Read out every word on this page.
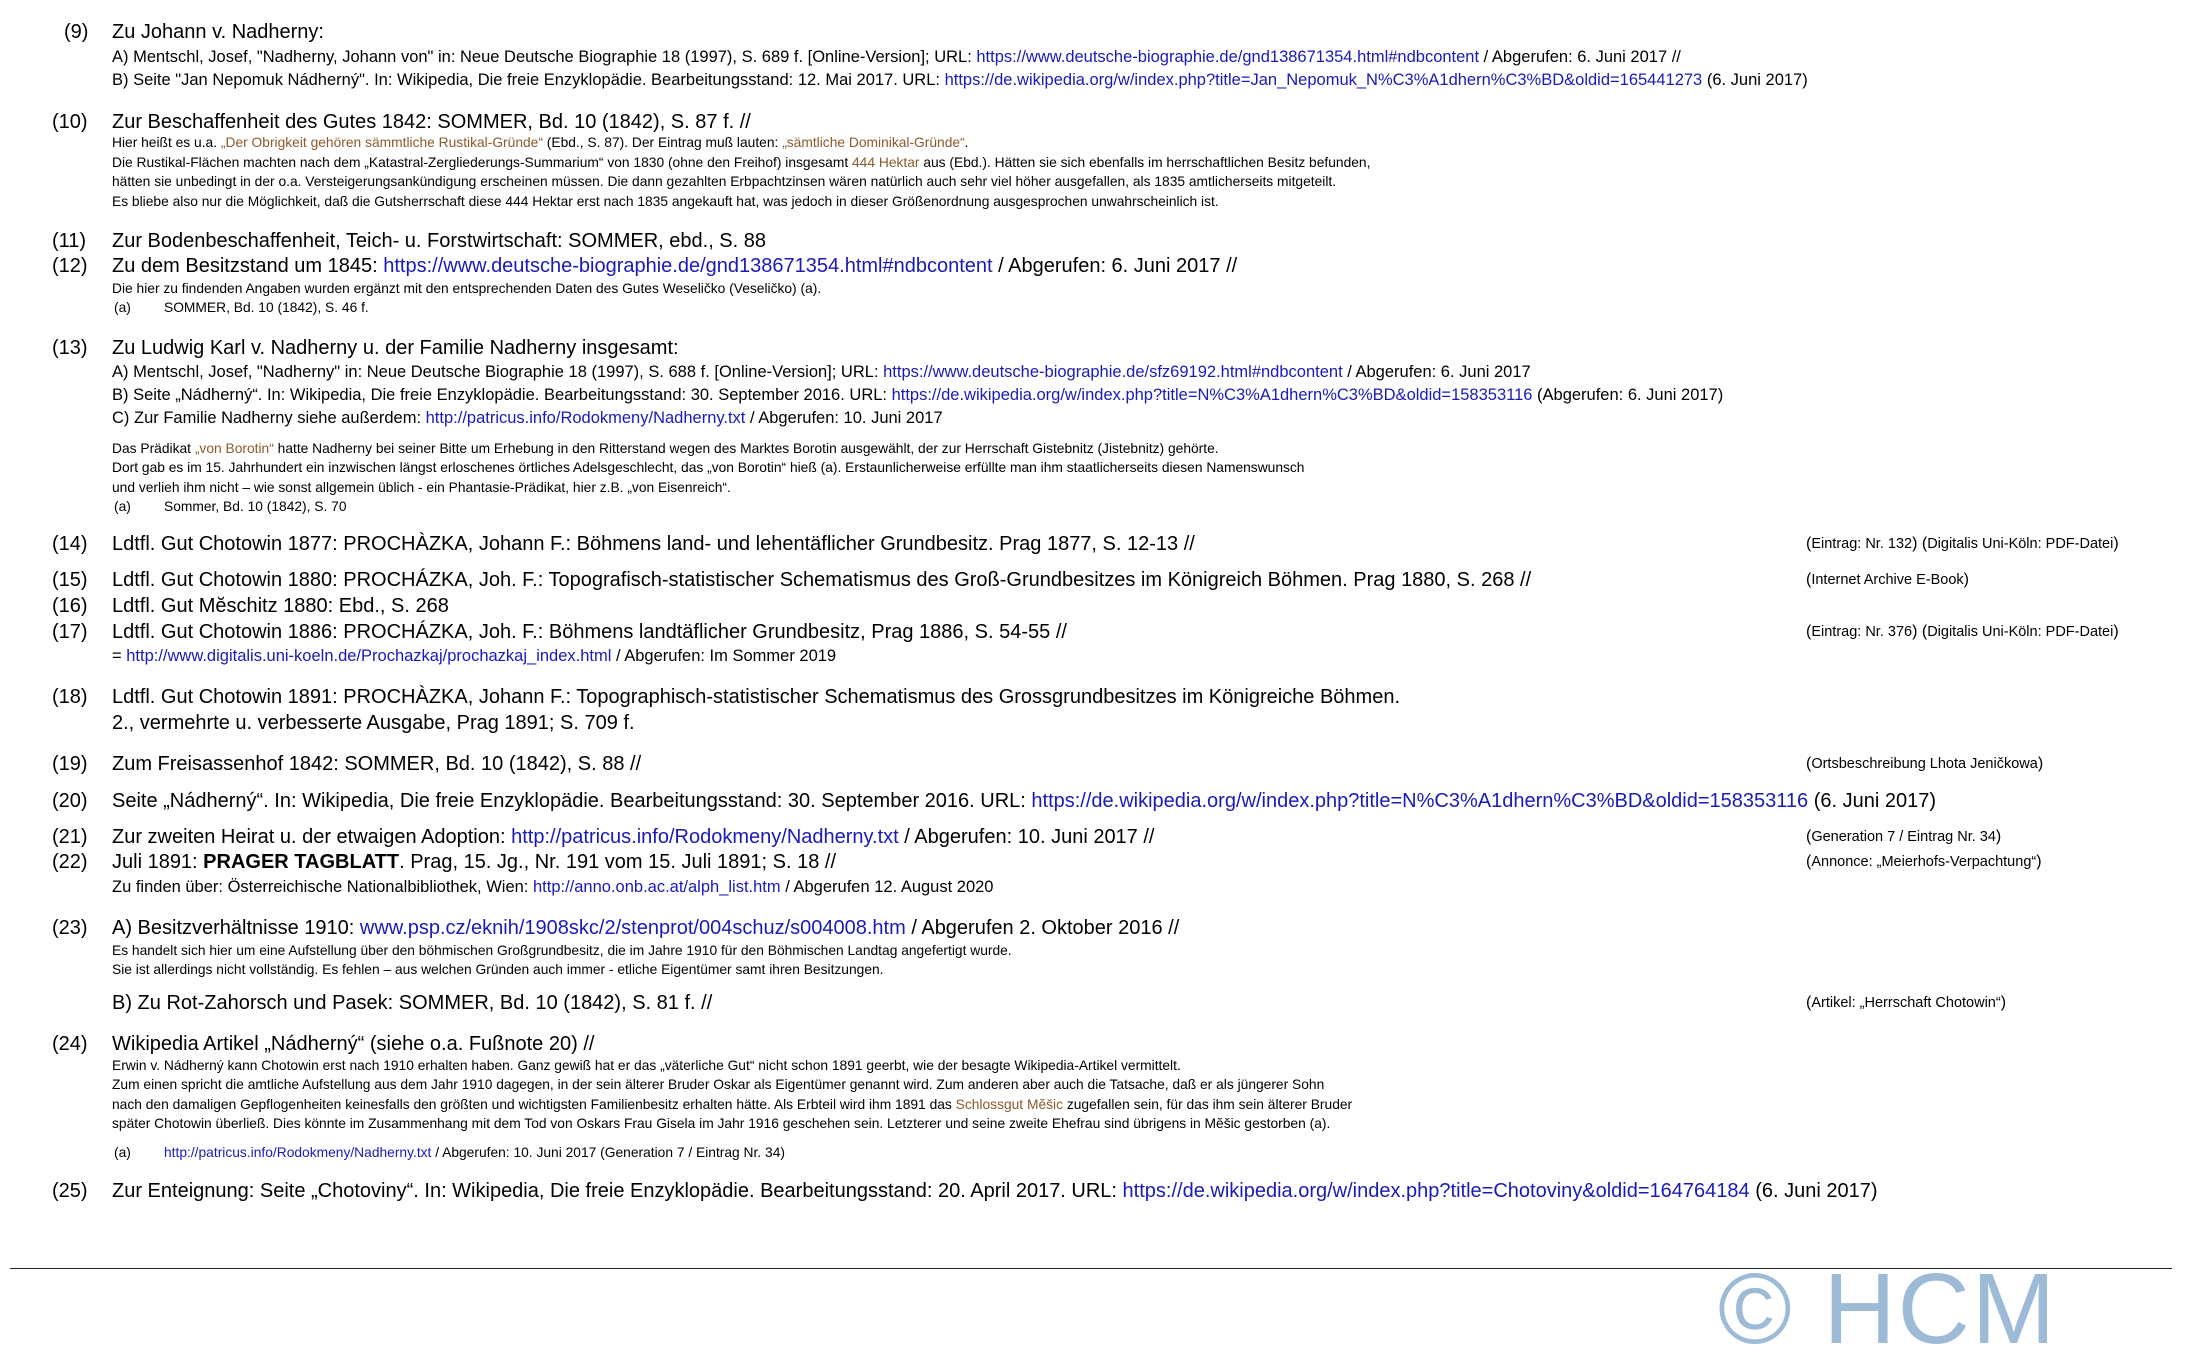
(9) Zu Johann v. Nadherny:
A) Mentschl, Josef, "Nadherny, Johann von" in: Neue Deutsche Biographie 18 (1997), S. 689 f. [Online-Version]; URL: https://www.deutsche-biographie.de/gnd138671354.html#ndbcontent / Abgerufen: 6. Juni 2017 //
B) Seite "Jan Nepomuk Nádherný". In: Wikipedia, Die freie Enzyklopädie. Bearbeitungsstand: 12. Mai 2017. URL: https://de.wikipedia.org/w/index.php?title=Jan_Nepomuk_N%C3%A1dhern%C3%BD&oldid=165441273 (6. Juni 2017)
(10) Zur Beschaffenheit des Gutes 1842: SOMMER, Bd. 10 (1842), S. 87 f. //
Hier heißt es u.a. „Der Obrigkeit gehören sämmtliche Rustikal-Gründe“ (Ebd., S. 87). Der Eintrag muß lauten: „sämtliche Dominikal-Gründe“.
Die Rustikal-Flächen machten nach dem „Katastral-Zergliederungs-Summarium“ von 1830 (ohne den Freihof) insgesamt 444 Hektar aus (Ebd.). Hätten sie sich ebenfalls im herrschaftlichen Besitz befunden,
hätten sie unbedingt in der o.a. Versteigerungsankündigung erscheinen müssen. Die dann gezahlten Erbpachtzinsen wären natürlich auch sehr viel höher ausgefallen, als 1835 amtlicherseits mitgeteilt.
Es bliebe also nur die Möglichkeit, daß die Gutsherrschaft diese 444 Hektar erst nach 1835 angekauft hat, was jedoch in dieser Größenordnung ausgesprochen unwahrscheinlich ist.
(11) Zur Bodenbeschaffenheit, Teich- u. Forstwirtschaft: SOMMER, ebd., S. 88
(12) Zu dem Besitzstand um 1845: https://www.deutsche-biographie.de/gnd138671354.html#ndbcontent / Abgerufen: 6. Juni 2017 //
Die hier zu findenden Angaben wurden ergänzt mit den entsprechenden Daten des Gutes Weseličko (Veseličko) (a).
(a) SOMMER, Bd. 10 (1842), S. 46 f.
(13) Zu Ludwig Karl v. Nadherny u. der Familie Nadherny insgesamt:
A) Mentschl, Josef, "Nadherny" in: Neue Deutsche Biographie 18 (1997), S. 688 f. [Online-Version]; URL: https://www.deutsche-biographie.de/sfz69192.html#ndbcontent / Abgerufen: 6. Juni 2017
B) Seite „Nádherný“. In: Wikipedia, Die freie Enzyklopädie. Bearbeitungsstand: 30. September 2016. URL: https://de.wikipedia.org/w/index.php?title=N%C3%A1dhern%C3%BD&oldid=158353116 (Abgerufen: 6. Juni 2017)
C) Zur Familie Nadherny siehe außerdem: http://patricus.info/Rodokmeny/Nadherny.txt / Abgerufen: 10. Juni 2017
Das Prädikat „von Borotin“ hatte Nadherny bei seiner Bitte um Erhebung in den Ritterstand wegen des Marktes Borotin ausgewählt, der zur Herrschaft Gistebnitz (Jistebnitz) gehörte.
Dort gab es im 15. Jahrhundert ein inzwischen längst erloschenes örtliches Adelsgeschlecht, das „von Borotin“ hieß (a). Erstaunlicherweise erfüllte man ihm staatlicherseits diesen Namenswunsch
und verlieh ihm nicht – wie sonst allgemein üblich - ein Phantasie-Prädikat, hier z.B. „von Eisenreich“.
(a) Sommer, Bd. 10 (1842), S. 70
(14) Ldtfl. Gut Chotowin 1877: PROCHÀZKA, Johann F.: Böhmens land- und lehentäflicher Grundbesitz. Prag 1877, S. 12-13 //	(Eintrag: Nr. 132) (Digitalis Uni-Köln: PDF-Datei)
(15) Ldtfl. Gut Chotowin 1880: PROCHÁZKA, Joh. F.: Topografisch-statistischer Schematismus des Groß-Grundbesitzes im Königreich Böhmen. Prag 1880, S. 268 //	(Internet Archive E-Book)
(16) Ldtfl. Gut Mĕschitz 1880: Ebd., S. 268
(17) Ldtfl. Gut Chotowin 1886: PROCHÁZKA, Joh. F.: Böhmens landtäflicher Grundbesitz, Prag 1886, S. 54-55 //	(Eintrag: Nr. 376) (Digitalis Uni-Köln: PDF-Datei)
= http://www.digitalis.uni-koeln.de/Prochazkaj/prochazkaj_index.html / Abgerufen: Im Sommer 2019
(18) Ldtfl. Gut Chotowin 1891: PROCHÀZKA, Johann F.: Topographisch-statistischer Schematismus des Grossgrundbesitzes im Königreiche Böhmen.
2., vermehrte u. verbesserte Ausgabe, Prag 1891; S. 709 f.
(19) Zum Freisassenhof 1842: SOMMER, Bd. 10 (1842), S. 88 //	(Ortsbeschreibung Lhota Jeničkowa)
(20) Seite „Nádherný“. In: Wikipedia, Die freie Enzyklopädie. Bearbeitungsstand: 30. September 2016. URL: https://de.wikipedia.org/w/index.php?title=N%C3%A1dhern%C3%BD&oldid=158353116 (6. Juni 2017)
(21) Zur zweiten Heirat u. der etwaigen Adoption: http://patricus.info/Rodokmeny/Nadherny.txt / Abgerufen: 10. Juni 2017 //	(Generation 7 / Eintrag Nr. 34)
(22) Juli 1891: PRAGER TAGBLATT. Prag, 15. Jg., Nr. 191 vom 15. Juli 1891; S. 18 //	(Annonce: „Meierhofs-Verpachtung“)
Zu finden über: Österreichische Nationalbibliothek, Wien: http://anno.onb.ac.at/alph_list.htm / Abgerufen 12. August 2020
(23) A) Besitzverhältnisse 1910: www.psp.cz/eknih/1908skc/2/stenprot/004schuz/s004008.htm / Abgerufen 2. Oktober 2016 //
Es handelt sich hier um eine Aufstellung über den böhmischen Großgrundbesitz, die im Jahre 1910 für den Böhmischen Landtag angefertigt wurde.
Sie ist allerdings nicht vollständig. Es fehlen – aus welchen Gründen auch immer - etliche Eigentümer samt ihren Besitzungen.
B) Zu Rot-Zahorsch und Pasek: SOMMER, Bd. 10 (1842), S. 81 f. //	(Artikel: „Herrschaft Chotowin“)
(24) Wikipedia Artikel „Nádherný“ (siehe o.a. Fußnote 20) //
Erwin v. Nádherný kann Chotowin erst nach 1910 erhalten haben. Ganz gewiß hat er das „väterliche Gut“ nicht schon 1891 geerbt, wie der besagte Wikipedia-Artikel vermittelt.
Zum einen spricht die amtliche Aufstellung aus dem Jahr 1910 dagegen, in der sein älterer Bruder Oskar als Eigentümer genannt wird. Zum anderen aber auch die Tatsache, daß er als jüngerer Sohn
nach den damaligen Gepflogenheiten keinesfalls den größten und wichtigsten Familienbesitz erhalten hätte. Als Erbteil wird ihm 1891 das Schlossgut Mĕšic zugefallen sein, für das ihm sein älterer Bruder
später Chotowin überließ. Dies könnte im Zusammenhang mit dem Tod von Oskars Frau Gisela im Jahr 1916 geschehen sein. Letzterer und seine zweite Ehefrau sind übrigens in Mĕšic gestorben (a).
(a) http://patricus.info/Rodokmeny/Nadherny.txt / Abgerufen: 10. Juni 2017 (Generation 7 / Eintrag Nr. 34)
(25) Zur Enteignung: Seite „Chotoviny“. In: Wikipedia, Die freie Enzyklopädie. Bearbeitungsstand: 20. April 2017. URL: https://de.wikipedia.org/w/index.php?title=Chotoviny&oldid=164764184 (6. Juni 2017)
© HCM
